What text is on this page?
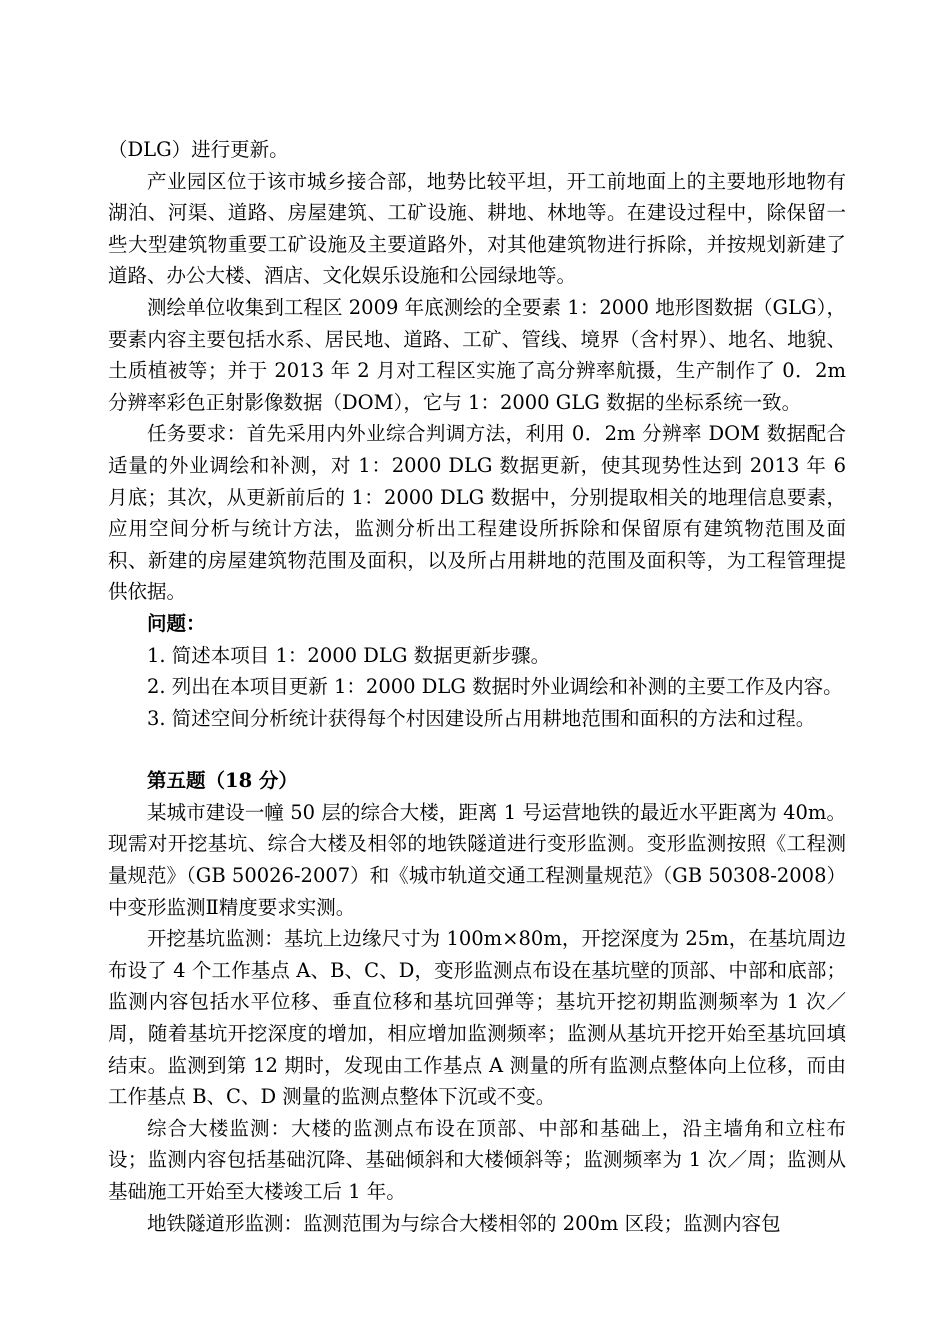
（DLG）进行更新。

产业园区位于该市城乡接合部，地势比较平坦，开工前地面上的主要地形地物有湖泊、河渠、道路、房屋建筑、工矿设施、耕地、林地等。在建设过程中，除保留一些大型建筑物重要工矿设施及主要道路外，对其他建筑物进行拆除，并按规划新建了道路、办公大楼、酒店、文化娱乐设施和公园绿地等。

测绘单位收集到工程区 2009 年底测绘的全要素 1：2000 地形图数据（GLG），要素内容主要包括水系、居民地、道路、工矿、管线、境界（含村界）、地名、地貌、土质植被等；并于 2013 年 2 月对工程区实施了高分辨率航摄，生产制作了 0．2m 分辨率彩色正射影像数据（DOM），它与 1：2000 GLG 数据的坐标系统一致。

任务要求：首先采用内外业综合判调方法，利用 0．2m 分辨率 DOM 数据配合适量的外业调绘和补测，对 1：2000 DLG 数据更新，使其现势性达到 2013 年 6 月底；其次，从更新前后的 1：2000 DLG 数据中，分别提取相关的地理信息要素，应用空间分析与统计方法，监测分析出工程建设所拆除和保留原有建筑物范围及面积、新建的房屋建筑物范围及面积，以及所占用耕地的范围及面积等，为工程管理提供依据。

问题：

1. 简述本项目 1：2000 DLG 数据更新步骤。

2. 列出在本项目更新 1：2000 DLG 数据时外业调绘和补测的主要工作及内容。

3. 简述空间分析统计获得每个村因建设所占用耕地范围和面积的方法和过程。

第五题（18 分）

某城市建设一幢 50 层的综合大楼，距离 1 号运营地铁的最近水平距离为 40m。现需对开挖基坑、综合大楼及相邻的地铁隧道进行变形监测。变形监测按照《工程测量规范》（GB 50026-2007）和《城市轨道交通工程测量规范》（GB 50308-2008）中变形监测Ⅱ精度要求实测。

开挖基坑监测：基坑上边缘尺寸为 100m×80m，开挖深度为 25m，在基坑周边布设了 4 个工作基点 A、B、C、D，变形监测点布设在基坑壁的顶部、中部和底部；监测内容包括水平位移、垂直位移和基坑回弹等；基坑开挖初期监测频率为 1 次／周，随着基坑开挖深度的增加，相应增加监测频率；监测从基坑开挖开始至基坑回填结束。监测到第 12 期时，发现由工作基点 A 测量的所有监测点整体向上位移，而由工作基点 B、C、D 测量的监测点整体下沉或不变。

综合大楼监测：大楼的监测点布设在顶部、中部和基础上，沿主墙角和立柱布设；监测内容包括基础沉降、基础倾斜和大楼倾斜等；监测频率为 1 次／周；监测从基础施工开始至大楼竣工后 1 年。

地铁隧道形监测：监测范围为与综合大楼相邻的 200m 区段；监测内容包
